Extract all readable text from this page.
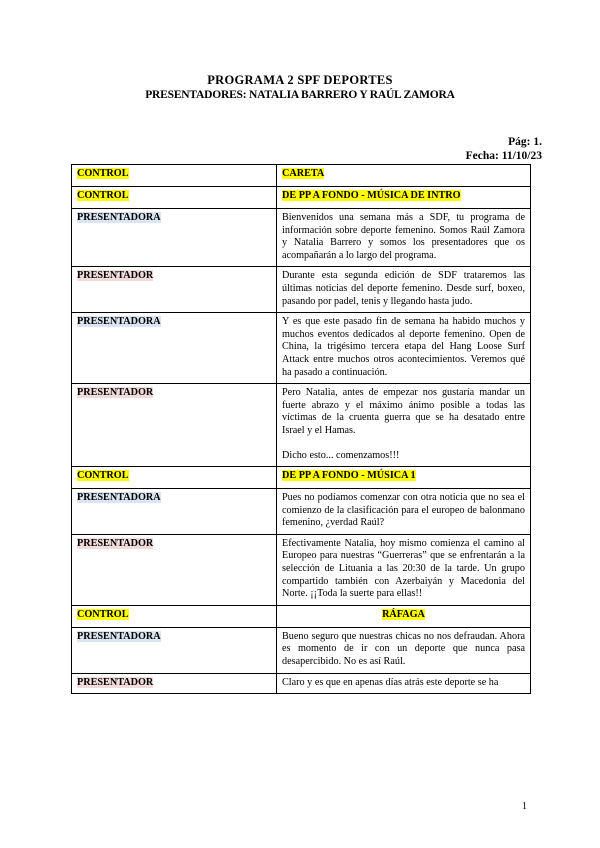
PROGRAMA 2 SPF DEPORTES
PRESENTADORES: NATALIA BARRERO Y RAÚL ZAMORA
Pág: 1.
Fecha: 11/10/23
CONTROL	CARETA
CONTROL	DE PP A FONDO - MÚSICA DE INTRO
PRESENTADORA	Bienvenidos una semana más a SDF, tu programa de información sobre deporte femenino. Somos Raúl Zamora y Natalia Barrero y somos los presentadores que os acompañarán a lo largo del programa.
PRESENTADOR	Durante esta segunda edición de SDF trataremos las últimas noticias del deporte femenino. Desde surf, boxeo, pasando por padel, tenis y llegando hasta judo.
PRESENTADORA	Y es que este pasado fin de semana ha habido muchos y muchos eventos dedicados al deporte femenino. Open de China, la trigésimo tercera etapa del Hang Loose Surf Attack entre muchos otros acontecimientos. Veremos qué ha pasado a continuación.
PRESENTADOR	Pero Natalia, antes de empezar nos gustaría mandar un fuerte abrazo y el máximo ánimo posible a todas las víctimas de la cruenta guerra que se ha desatado entre Israel y el Hamas.
Dicho esto... comenzamos!!!

CONTROL	DE PP A FONDO - MÚSICA 1
PRESENTADORA	Pues no podíamos comenzar con otra noticia que no sea el comienzo de la clasificación para el europeo de balonmano femenino, ¿verdad Raúl?
PRESENTADOR	Efectivamente Natalia, hoy mismo comienza el camino al Europeo para nuestras “Guerreras” que se enfrentarán a la selección de Lituania a las 20:30 de la tarde. Un grupo compartido también con Azerbaiyán y Macedonia del Norte. ¡¡Toda la suerte para ellas!!
CONTROL	RÁFAGA
PRESENTADORA	Bueno seguro que nuestras chicas no nos defraudan. Ahora es momento de ir con un deporte que nunca pasa desapercibido. No es así Raúl.
PRESENTADOR	Claro y es que en apenas días atrás este deporte se ha
1
